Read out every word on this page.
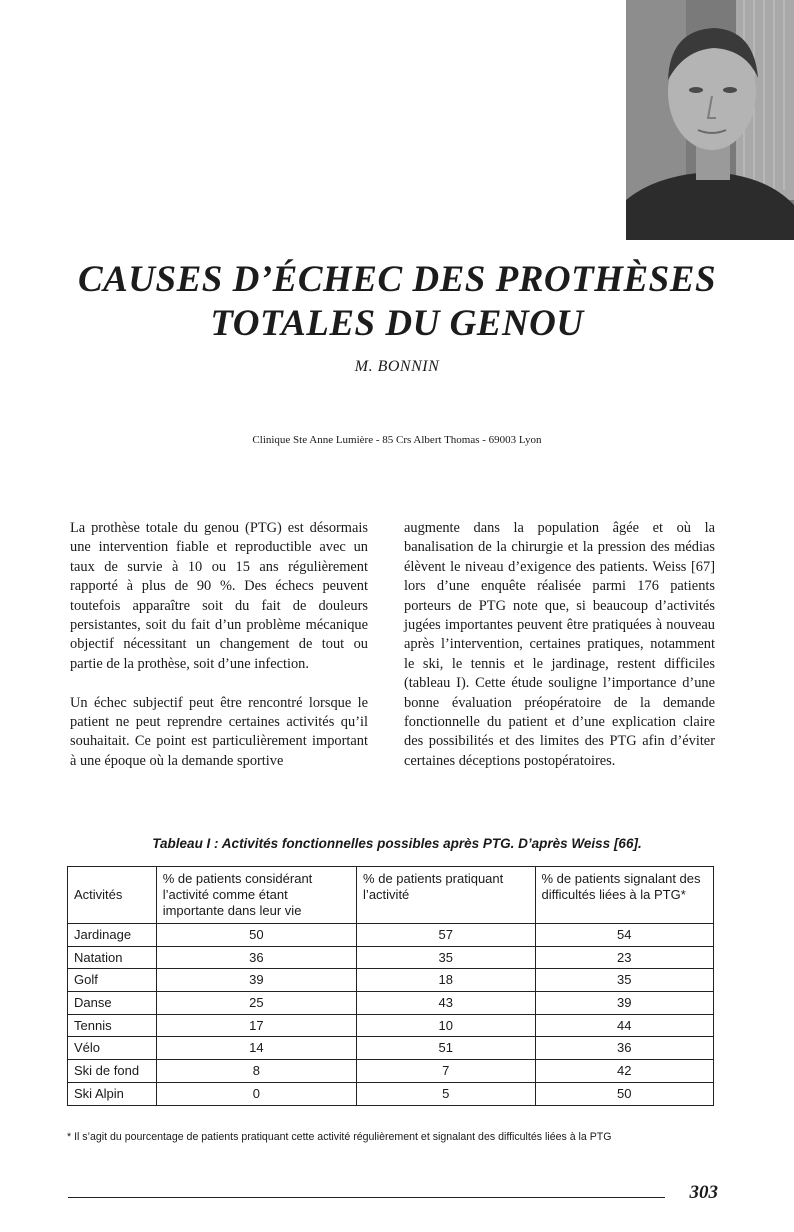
CAUSES D’ÉCHEC DES PROTHÈSES
TOTALES DU GENOU
M. BONNIN
Clinique Ste Anne Lumière - 85 Crs Albert Thomas - 69003 Lyon

La prothèse totale du genou (PTG) est désormais une intervention fiable et reproductible avec un taux de survie à 10 ou 15 ans régulièrement rapporté à plus de 90 %. Des échecs peuvent toutefois apparaître soit du fait de douleurs persistantes, soit du fait d’un problème mécanique objectif nécessitant un changement de tout ou partie de la prothèse, soit d’une infection.

Un échec subjectif peut être rencontré lorsque le patient ne peut reprendre certaines activités qu’il souhaitait. Ce point est particulièrement important à une époque où la demande sportive

augmente dans la population âgée et où la banalisation de la chirurgie et la pression des médias élèvent le niveau d’exigence des patients. Weiss [67] lors d’une enquête réalisée parmi 176 patients porteurs de PTG note que, si beaucoup d’activités jugées importantes peuvent être pratiquées à nouveau après l’intervention, certaines pratiques, notamment le ski, le tennis et le jardinage, restent difficiles (tableau I). Cette étude souligne l’importance d’une bonne évaluation préopératoire de la demande fonctionnelle du patient et d’une explication claire des possibilités et des limites des PTG afin d’éviter certaines déceptions postopératoires.

Tableau I : Activités fonctionnelles possibles après PTG. D’après Weiss [66].
Activités	% de patients considérant l’activité comme étant importante dans leur vie	% de patients pratiquant l’activité	% de patients signalant des difficultés liées à la PTG*
Jardinage	50	57	54
Natation	36	35	23
Golf	39	18	35
Danse	25	43	39
Tennis	17	10	44
Vélo	14	51	36
Ski de fond	8	7	42
Ski Alpin	0	5	50
* Il s’agit du pourcentage de patients pratiquant cette activité régulièrement et signalant des difficultés liées à la PTG
303
